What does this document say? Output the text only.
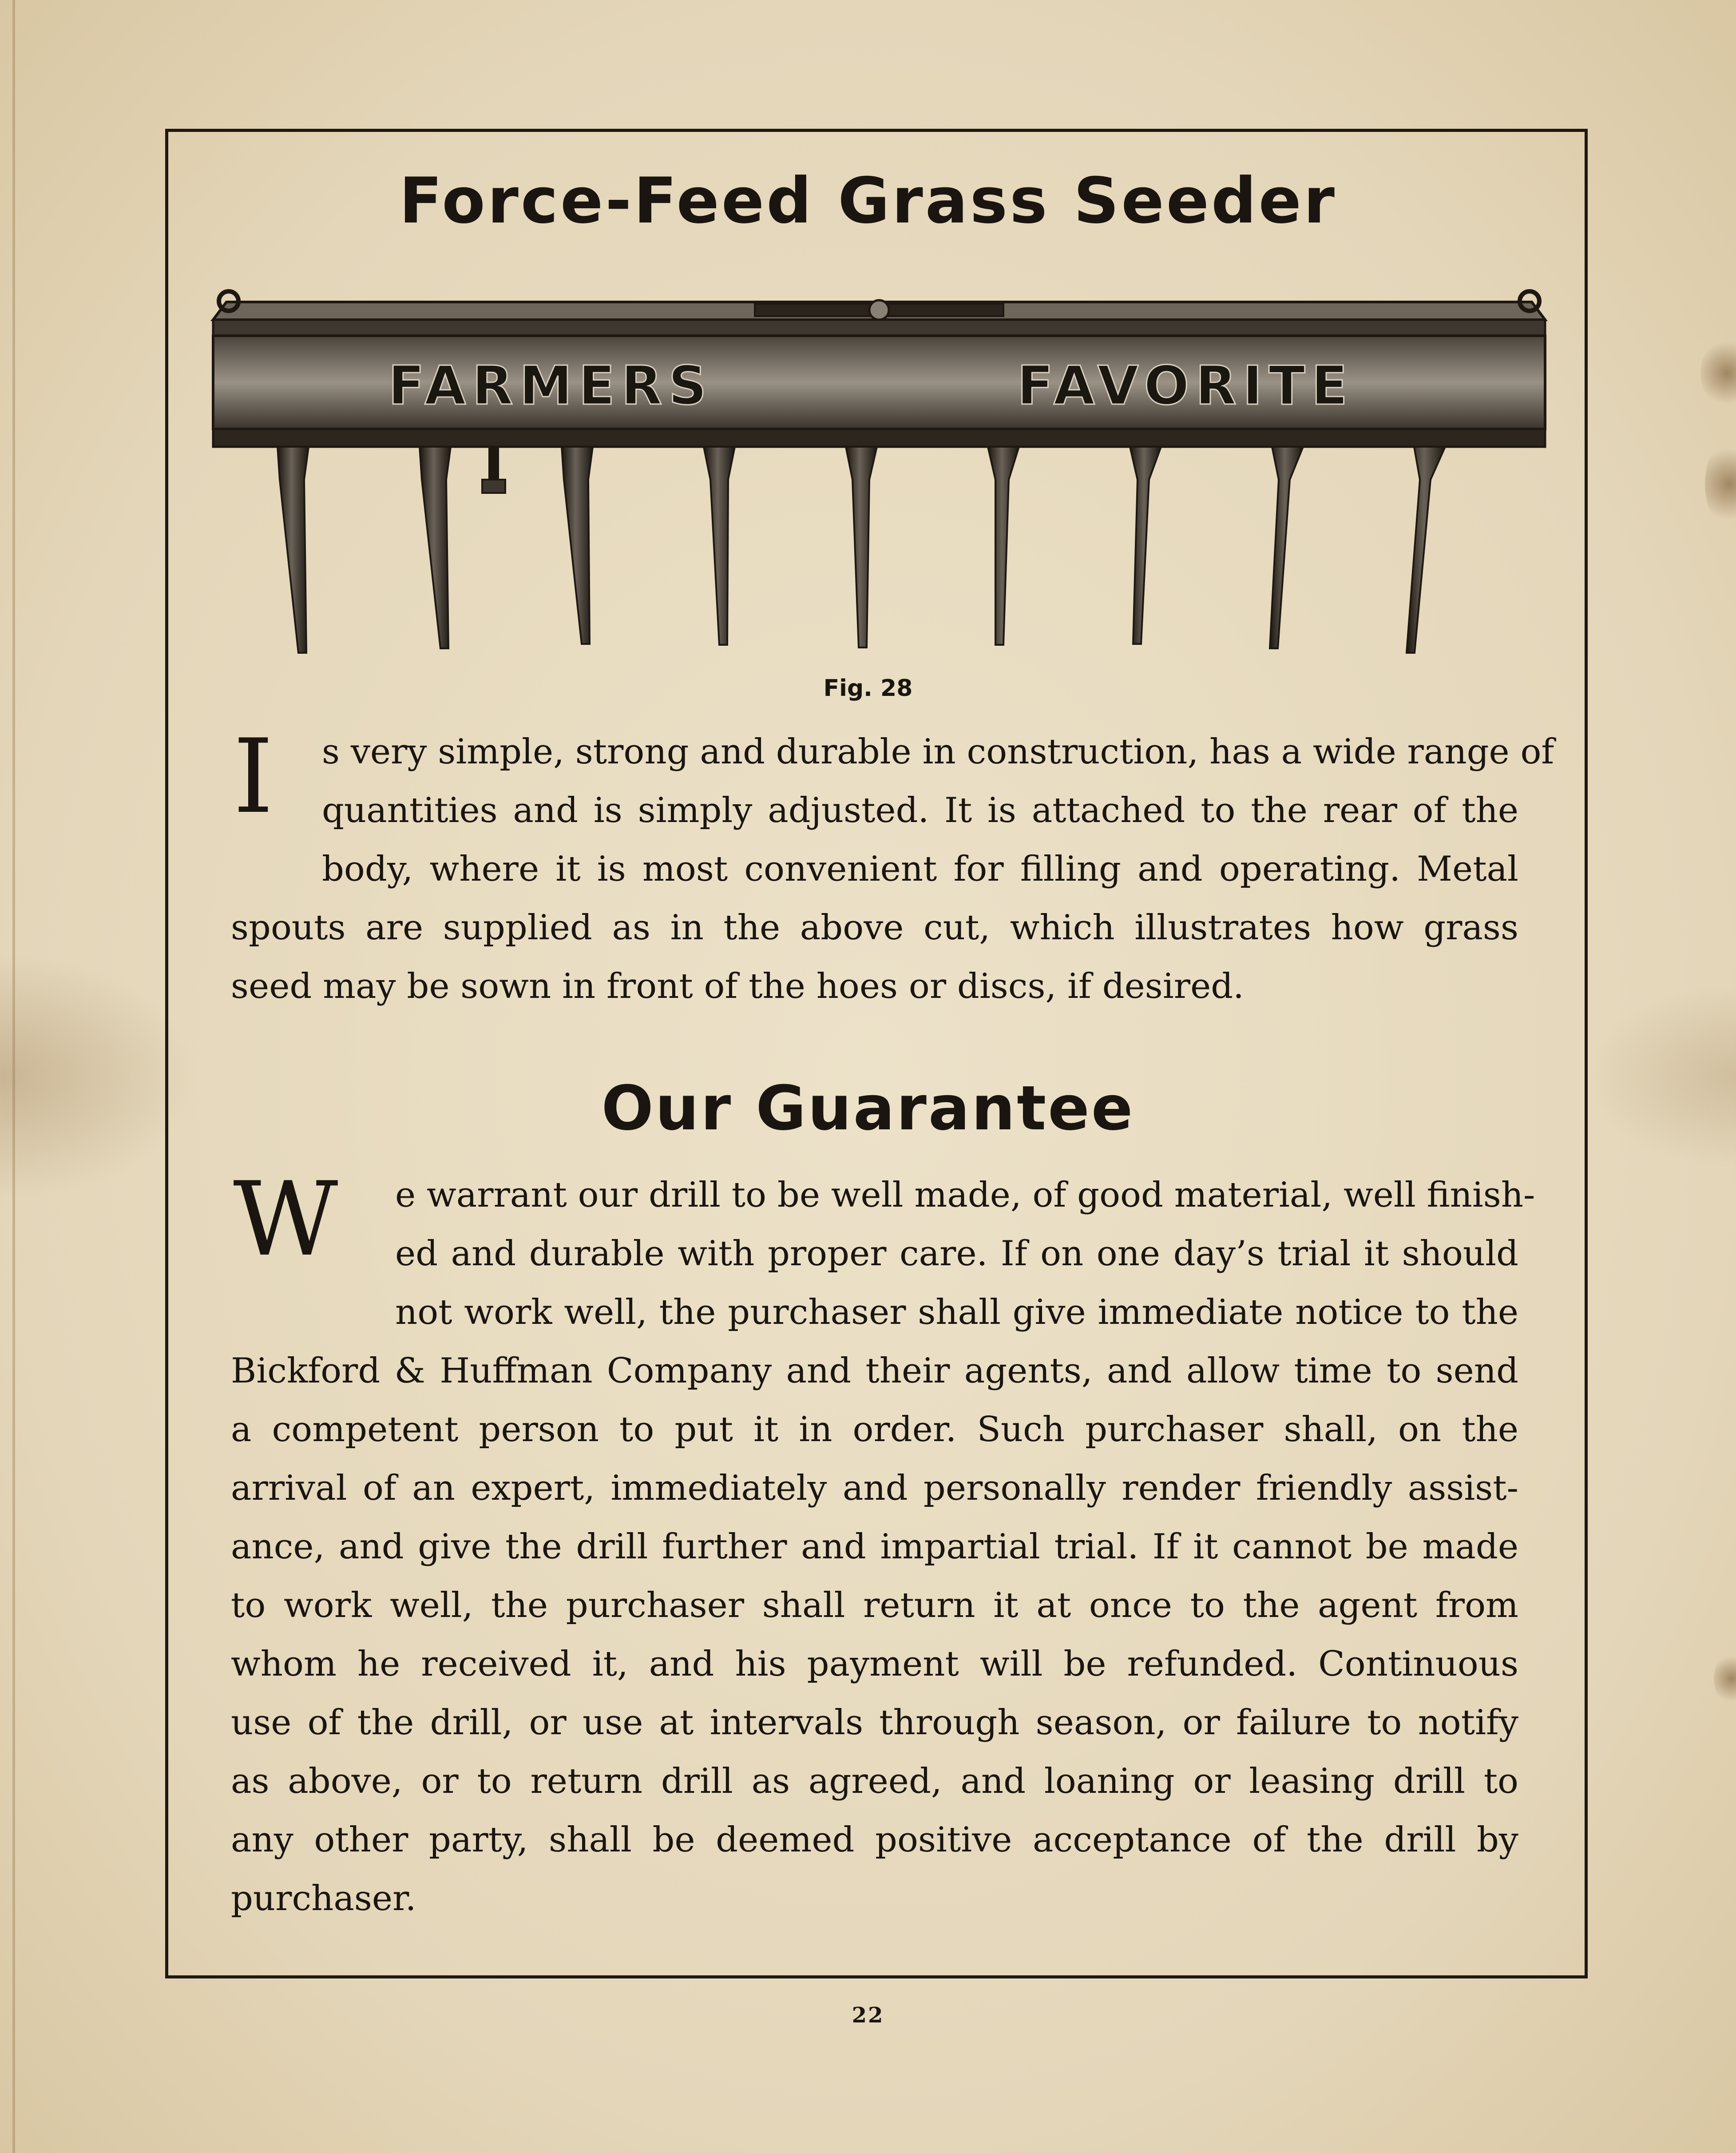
Force-Feed Grass Seeder
FARMERS	FAVORITE
Fig. 28
I s very simple, strong and durable in construction, has a wide range of
quantities and is simply adjusted. It is attached to the rear of the
body, where it is most convenient for filling and operating. Metal
spouts are supplied as in the above cut, which illustrates how grass
seed may be sown in front of the hoes or discs, if desired.
Our Guarantee
W e warrant our drill to be well made, of good material, well finish-
ed and durable with proper care. If on one day’s trial it should
not work well, the purchaser shall give immediate notice to the
Bickford & Huffman Company and their agents, and allow time to send
a competent person to put it in order. Such purchaser shall, on the
arrival of an expert, immediately and personally render friendly assist-
ance, and give the drill further and impartial trial. If it cannot be made
to work well, the purchaser shall return it at once to the agent from
whom he received it, and his payment will be refunded. Continuous
use of the drill, or use at intervals through season, or failure to notify
as above, or to return drill as agreed, and loaning or leasing drill to
any other party, shall be deemed positive acceptance of the drill by
purchaser.
22
